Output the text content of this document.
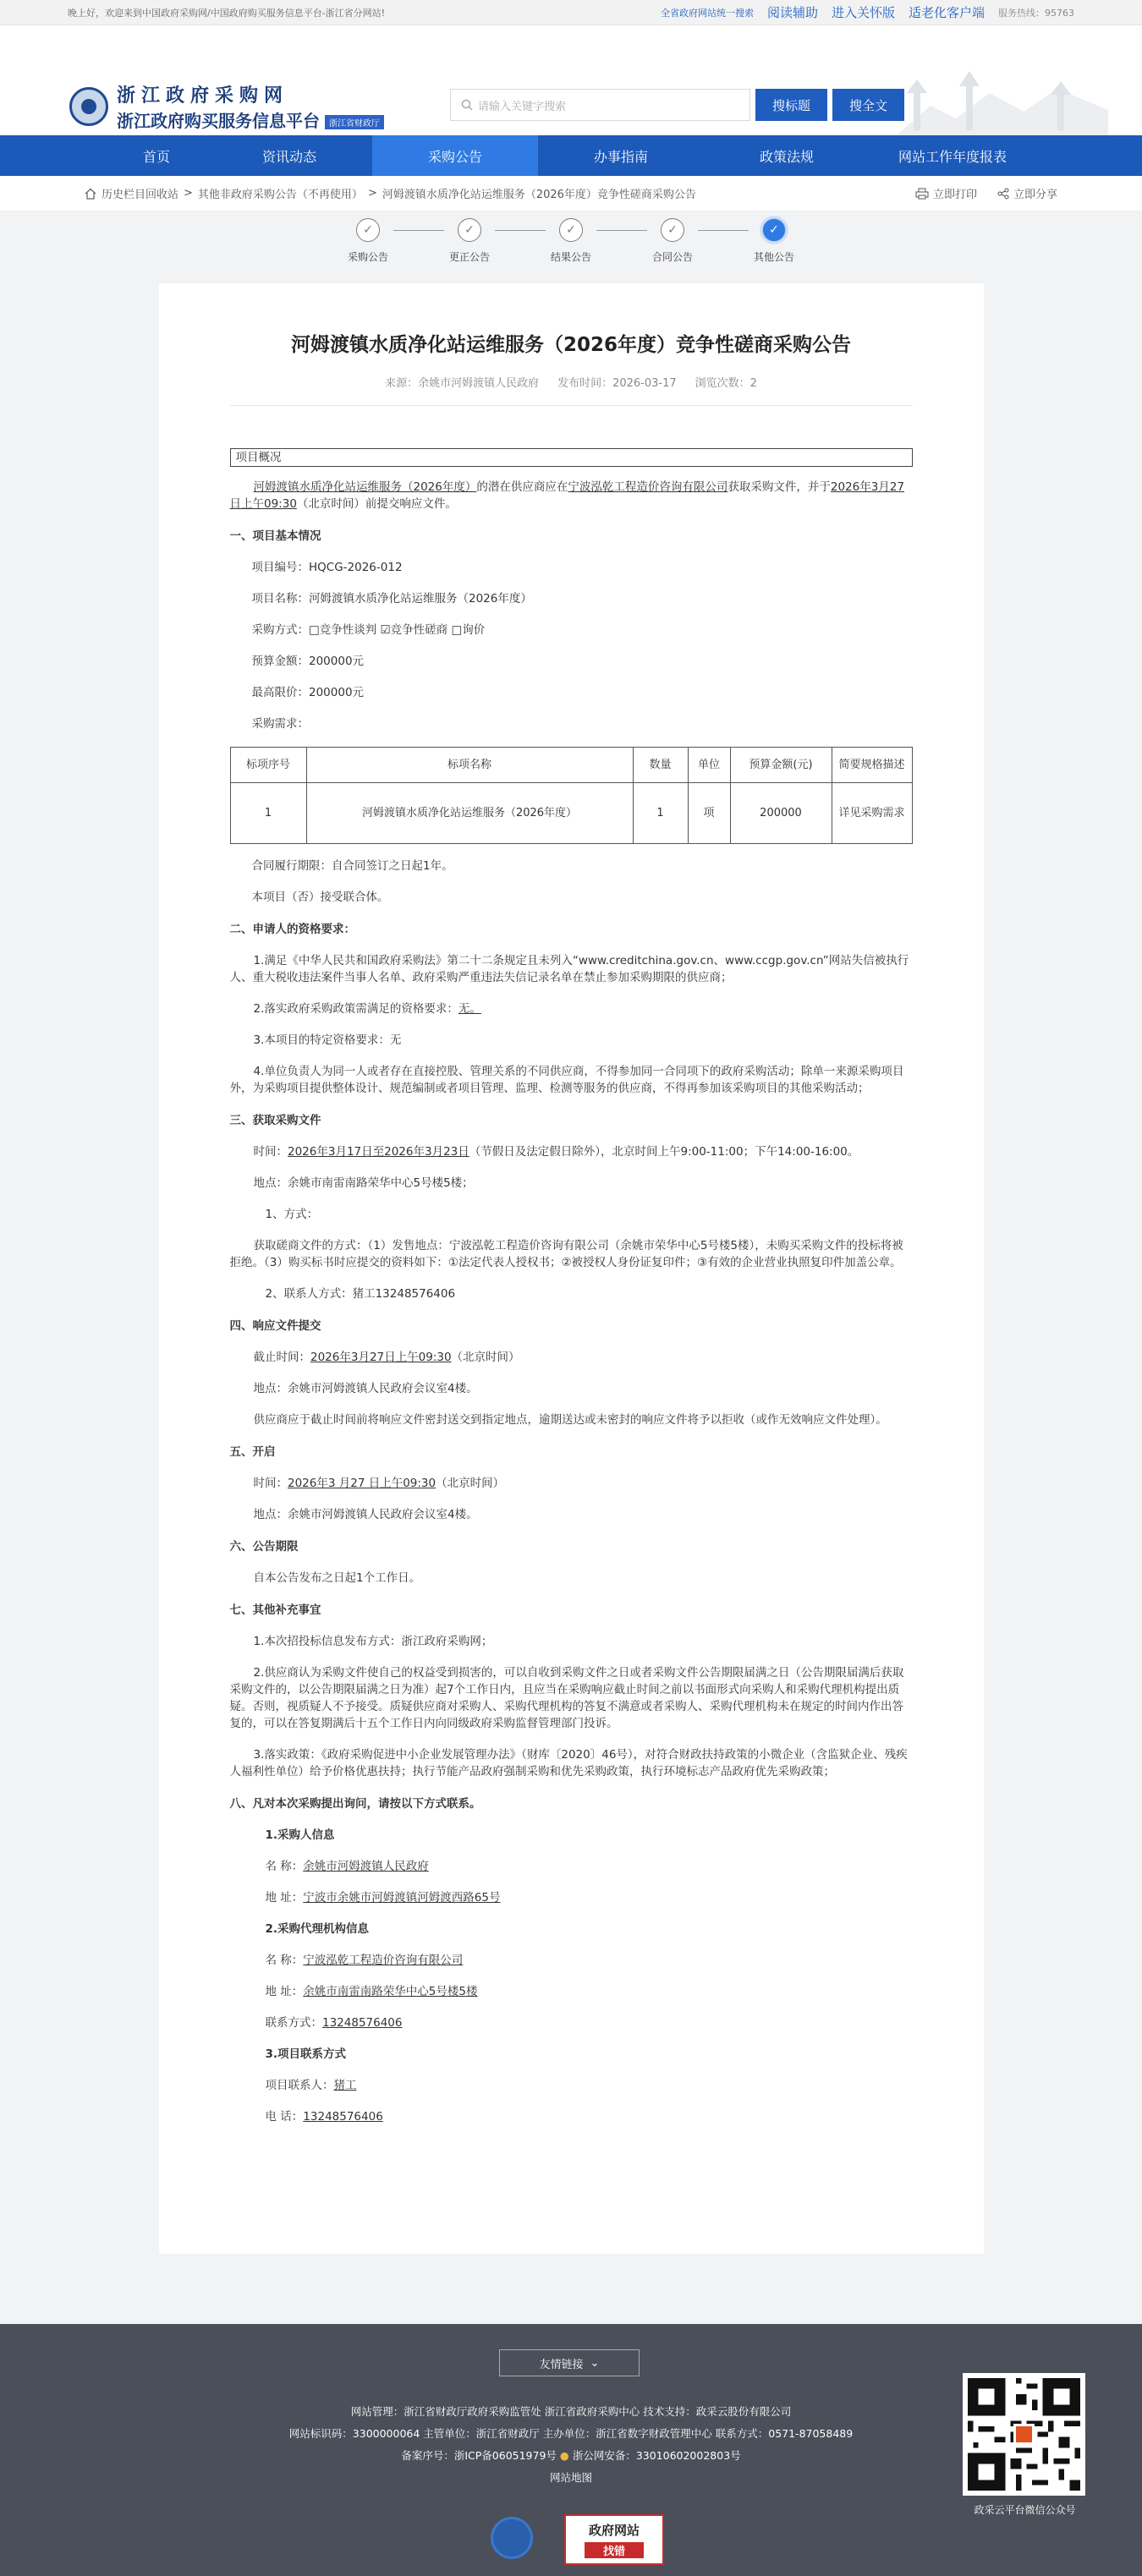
晚上好，欢迎来到中国政府采购网/中国政府购买服务信息平台-浙江省分网站!	全省政府网站统一搜索 阅读辅助 进入关怀版 适老化客户端 服务热线：95763
浙江政府采购网
浙江政府购买服务信息平台 浙江省财政厅
请输入关键字搜索	搜标题	搜全文
首页	资讯动态	采购公告	办事指南	政策法规	网站工作年度报表
历史栏目回收站 > 其他非政府采购公告（不再使用） > 河姆渡镇水质净化站运维服务（2026年度）竞争性磋商采购公告	立即打印	立即分享
✓
采购公告
✓
更正公告
✓
结果公告
✓
合同公告
✓
其他公告
河姆渡镇水质净化站运维服务（2026年度）竞争性磋商采购公告
来源：余姚市河姆渡镇人民政府 发布时间：2026-03-17 浏览次数：2
项目概况

河姆渡镇水质净化站运维服务（2026年度）的潜在供应商应在宁波泓乾工程造价咨询有限公司获取采购文件，并于2026年3月27日上午09:30（北京时间）前提交响应文件。

一、项目基本情况

项目编号：HQCG-2026-012

项目名称：河姆渡镇水质净化站运维服务（2026年度）

采购方式：□竞争性谈判 ☑竞争性磋商 □询价

预算金额：200000元

最高限价：200000元

采购需求：

标项序号	标项名称	数量	单位	预算金额(元)	简要规格描述
1	河姆渡镇水质净化站运维服务（2026年度）	1	项	200000	详见采购需求

合同履行期限：自合同签订之日起1年。

本项目（否）接受联合体。

二、申请人的资格要求：

1.满足《中华人民共和国政府采购法》第二十二条规定且未列入“www.creditchina.gov.cn、www.ccgp.gov.cn”网站失信被执行人、重大税收违法案件当事人名单、政府采购严重违法失信记录名单在禁止参加采购期限的供应商；

2.落实政府采购政策需满足的资格要求：无。

3.本项目的特定资格要求：无

4.单位负责人为同一人或者存在直接控股、管理关系的不同供应商，不得参加同一合同项下的政府采购活动；除单一来源采购项目外，为采购项目提供整体设计、规范编制或者项目管理、监理、检测等服务的供应商，不得再参加该采购项目的其他采购活动；

三、获取采购文件

时间：2026年3月17日至2026年3月23日（节假日及法定假日除外），北京时间上午9:00-11:00；下午14:00-16:00。

地点：余姚市南雷南路荣华中心5号楼5楼；

1、方式：

获取磋商文件的方式：（1）发售地点：宁波泓乾工程造价咨询有限公司（余姚市荣华中心5号楼5楼），未购买采购文件的投标将被拒绝。（3）购买标书时应提交的资料如下：①法定代表人授权书；②被授权人身份证复印件；③有效的企业营业执照复印件加盖公章。

2、联系人方式：猪工13248576406

四、响应文件提交

截止时间：2026年3月27日上午09:30（北京时间）

地点：余姚市河姆渡镇人民政府会议室4楼。

供应商应于截止时间前将响应文件密封送交到指定地点，逾期送达或未密封的响应文件将予以拒收（或作无效响应文件处理）。

五、开启

时间：2026年3 月27 日上午09:30（北京时间）

地点：余姚市河姆渡镇人民政府会议室4楼。

六、公告期限

自本公告发布之日起1个工作日。

七、其他补充事宜

1.本次招投标信息发布方式：浙江政府采购网；

2.供应商认为采购文件使自己的权益受到损害的，可以自收到采购文件之日或者采购文件公告期限届满之日（公告期限届满后获取采购文件的，以公告期限届满之日为准）起7个工作日内，且应当在采购响应截止时间之前以书面形式向采购人和采购代理机构提出质疑。否则，视质疑人不予接受。质疑供应商对采购人、采购代理机构的答复不满意或者采购人、采购代理机构未在规定的时间内作出答复的，可以在答复期满后十五个工作日内向同级政府采购监督管理部门投诉。

3.落实政策：《政府采购促进中小企业发展管理办法》（财库〔2020〕46号），对符合财政扶持政策的小微企业（含监狱企业、残疾人福利性单位）给予价格优惠扶持；执行节能产品政府强制采购和优先采购政策，执行环境标志产品政府优先采购政策；

八、凡对本次采购提出询问，请按以下方式联系。
1.采购人信息

名 称：余姚市河姆渡镇人民政府

地 址：宁波市余姚市河姆渡镇河姆渡西路65号

2.采购代理机构信息

名 称：宁波泓乾工程造价咨询有限公司

地 址：余姚市南雷南路荣华中心5号楼5楼

联系方式：13248576406

3.项目联系方式

项目联系人：猪工

电 话：13248576406

友情链接 ⌄
网站管理：浙江省财政厅政府采购监管处 浙江省政府采购中心 技术支持：政采云股份有限公司
网站标识码：3300000064 主管单位：浙江省财政厅 主办单位：浙江省数字财政管理中心 联系方式：0571-87058489
备案序号：浙ICP备06051979号 ● 浙公网安备：33010602002803号
网站地图
政采云平台微信公众号
政府网站
找错
